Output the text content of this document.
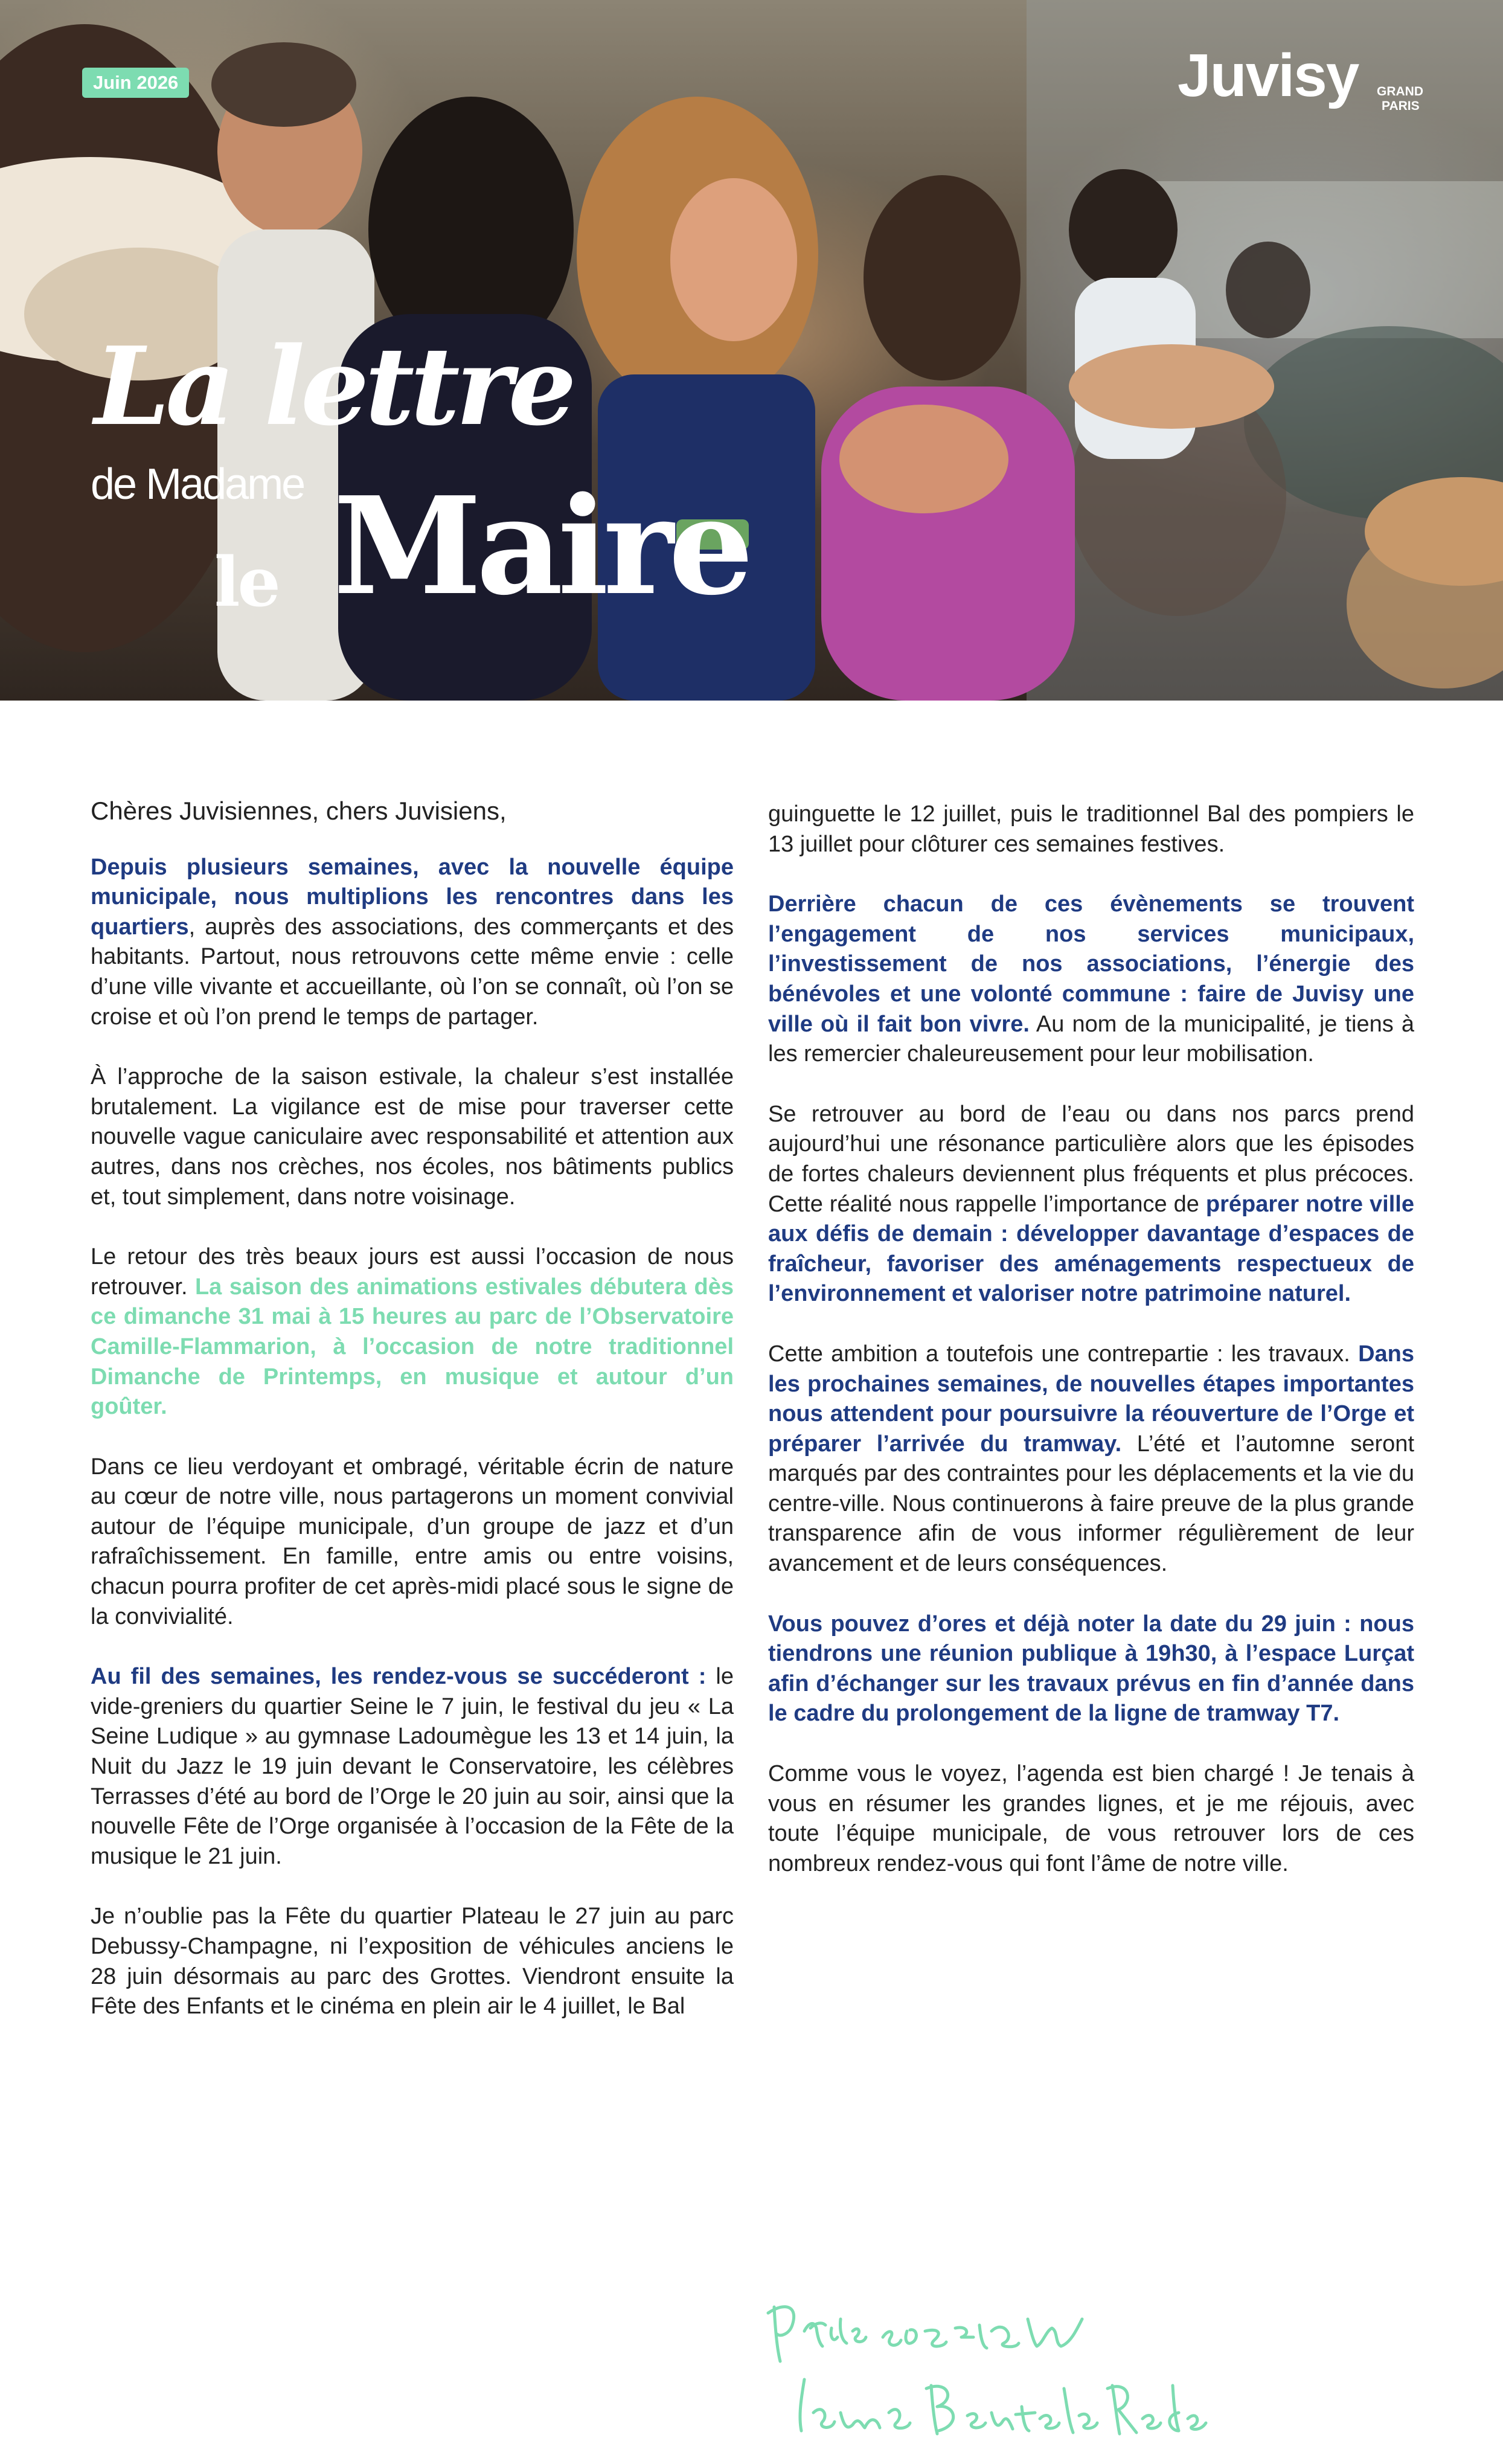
Juin 2026	Juvisy GRAND
PARIS
La lettre
de Madame
le Maire

Chères Juvisiennes, chers Juvisiens,

Depuis plusieurs semaines, avec la nouvelle équipe municipale, nous multiplions les rencontres dans les quartiers, auprès des associations, des commerçants et des habitants. Partout, nous retrouvons cette même envie : celle d’une ville vivante et accueillante, où l’on se connaît, où l’on se croise et où l’on prend le temps de partager.

À l’approche de la saison estivale, la chaleur s’est installée brutalement. La vigilance est de mise pour traverser cette nouvelle vague caniculaire avec responsabilité et attention aux autres, dans nos crèches, nos écoles, nos bâtiments publics et, tout simplement, dans notre voisinage.

Le retour des très beaux jours est aussi l’occasion de nous retrouver. La saison des animations estivales débutera dès ce dimanche 31 mai à 15 heures au parc de l’Observatoire Camille-Flammarion, à l’occasion de notre traditionnel Dimanche de Printemps, en musique et autour d’un goûter.

Dans ce lieu verdoyant et ombragé, véritable écrin de nature au cœur de notre ville, nous partagerons un moment convivial autour de l’équipe municipale, d’un groupe de jazz et d’un rafraîchissement. En famille, entre amis ou entre voisins, chacun pourra profiter de cet après-midi placé sous le signe de la convivialité.

Au fil des semaines, les rendez-vous se succéderont : le vide-greniers du quartier Seine le 7 juin, le festival du jeu « La Seine Ludique » au gymnase Ladoumègue les 13 et 14 juin, la Nuit du Jazz le 19 juin devant le Conservatoire, les célèbres Terrasses d’été au bord de l’Orge le 20 juin au soir, ainsi que la nouvelle Fête de l’Orge organisée à l’occasion de la Fête de la musique le 21 juin.

Je n’oublie pas la Fête du quartier Plateau le 27 juin au parc Debussy-Champagne, ni l’exposition de véhicules anciens le 28 juin désormais au parc des Grottes. Viendront ensuite la Fête des Enfants et le cinéma en plein air le 4 juillet, le Bal

guinguette le 12 juillet, puis le traditionnel Bal des pompiers le 13 juillet pour clôturer ces semaines festives.

Derrière chacun de ces évènements se trouvent l’engagement de nos services municipaux, l’investissement de nos associations, l’énergie des bénévoles et une volonté commune : faire de Juvisy une ville où il fait bon vivre. Au nom de la municipalité, je tiens à les remercier chaleureusement pour leur mobilisation.

Se retrouver au bord de l’eau ou dans nos parcs prend aujourd’hui une résonance particulière alors que les épisodes de fortes chaleurs deviennent plus fréquents et plus précoces. Cette réalité nous rappelle l’importance de préparer notre ville aux défis de demain : développer davantage d’espaces de fraîcheur, favoriser des aménagements respectueux de l’environnement et valoriser notre patrimoine naturel.

Cette ambition a toutefois une contrepartie : les travaux. Dans les prochaines semaines, de nouvelles étapes importantes nous attendent pour poursuivre la réouverture de l’Orge et préparer l’arrivée du tramway. L’été et l’automne seront marqués par des contraintes pour les déplacements et la vie du centre-ville. Nous continuerons à faire preuve de la plus grande transparence afin de vous informer régulièrement de leur avancement et de leurs conséquences.

Vous pouvez d’ores et déjà noter la date du 29 juin : nous tiendrons une réunion publique à 19h30, à l’espace Lurçat afin d’échanger sur les travaux prévus en fin d’année dans le cadre du prolongement de la ligne de tramway T7.

Comme vous le voyez, l’agenda est bien chargé ! Je tenais à vous en résumer les grandes lignes, et je me réjouis, avec toute l’équipe municipale, de vous retrouver lors de ces nombreux rendez-vous qui font l’âme de notre ville.
